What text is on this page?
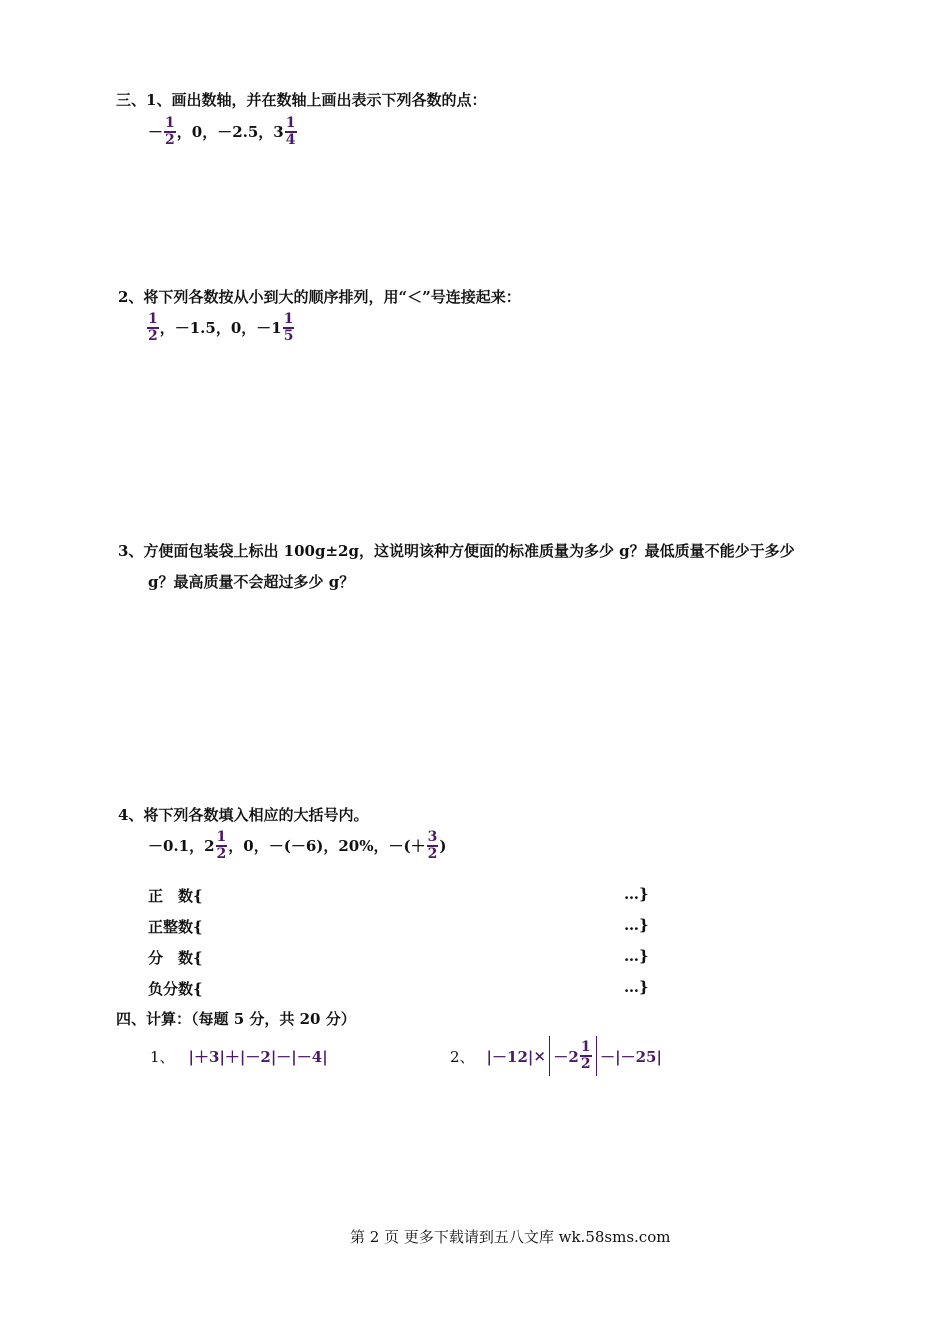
三、1、画出数轴，并在数轴上画出表示下列各数的点：
－ $\frac{1}{2}$ ，0，－2.5，$3 \frac{1}{4}$
2、将下列各数按从小到大的顺序排列，用“＜”号连接起来：
$\frac{1}{2}$ ，－1.5，0，$-1 \frac{1}{5}$
3、方便面包装袋上标出 100g±2g，这说明该种方便面的标准质量为多少 g？最低质量不能少于多少
g？最高质量不会超过多少 g？
4、将下列各数填入相应的大括号内。
－0.1，$2 \frac{1}{2}$ ，0，－(－6)，20%，－(＋ $\frac{3}{2}$ )
正　数{	…}
正整数{	…}
分　数{	…}
负分数{	…}
四、计算：（每题 5 分，共 20 分）
1、 |＋3| ＋ |－2| － |－4|	2、 $|-12| \times -2 \frac{1}{2} - |-25|$
第 2 页 更多下载请到五八文库 wk.58sms.com
